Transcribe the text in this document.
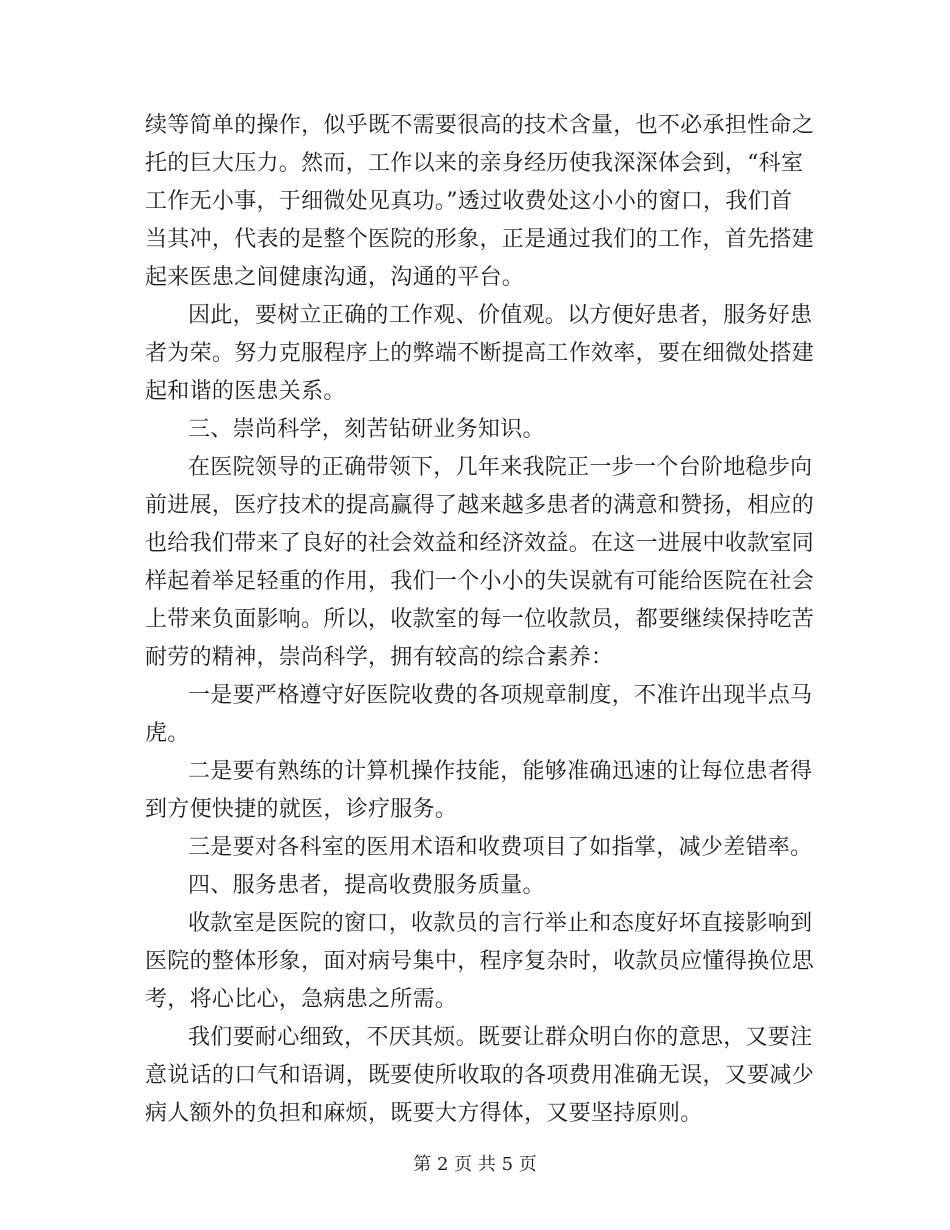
续等简单的操作，似乎既不需要很高的技术含量，也不必承担性命之
托的巨大压力。然而，工作以来的亲身经历使我深深体会到，“科室
工作无小事，于细微处见真功。”透过收费处这小小的窗口，我们首
当其冲，代表的是整个医院的形象，正是通过我们的工作，首先搭建
起来医患之间健康沟通，沟通的平台。
因此，要树立正确的工作观、价值观。以方便好患者，服务好患
者为荣。努力克服程序上的弊端不断提高工作效率，要在细微处搭建
起和谐的医患关系。
三、崇尚科学，刻苦钻研业务知识。
在医院领导的正确带领下，几年来我院正一步一个台阶地稳步向
前进展，医疗技术的提高赢得了越来越多患者的满意和赞扬，相应的
也给我们带来了良好的社会效益和经济效益。在这一进展中收款室同
样起着举足轻重的作用，我们一个小小的失误就有可能给医院在社会
上带来负面影响。所以，收款室的每一位收款员，都要继续保持吃苦
耐劳的精神，崇尚科学，拥有较高的综合素养：
一是要严格遵守好医院收费的各项规章制度，不准许出现半点马
虎。
二是要有熟练的计算机操作技能，能够准确迅速的让每位患者得
到方便快捷的就医，诊疗服务。
三是要对各科室的医用术语和收费项目了如指掌，减少差错率。
四、服务患者，提高收费服务质量。
收款室是医院的窗口，收款员的言行举止和态度好坏直接影响到
医院的整体形象，面对病号集中，程序复杂时，收款员应懂得换位思
考，将心比心，急病患之所需。
我们要耐心细致，不厌其烦。既要让群众明白你的意思，又要注
意说话的口气和语调，既要使所收取的各项费用准确无误，又要减少
病人额外的负担和麻烦，既要大方得体，又要坚持原则。
第 2 页 共 5 页
